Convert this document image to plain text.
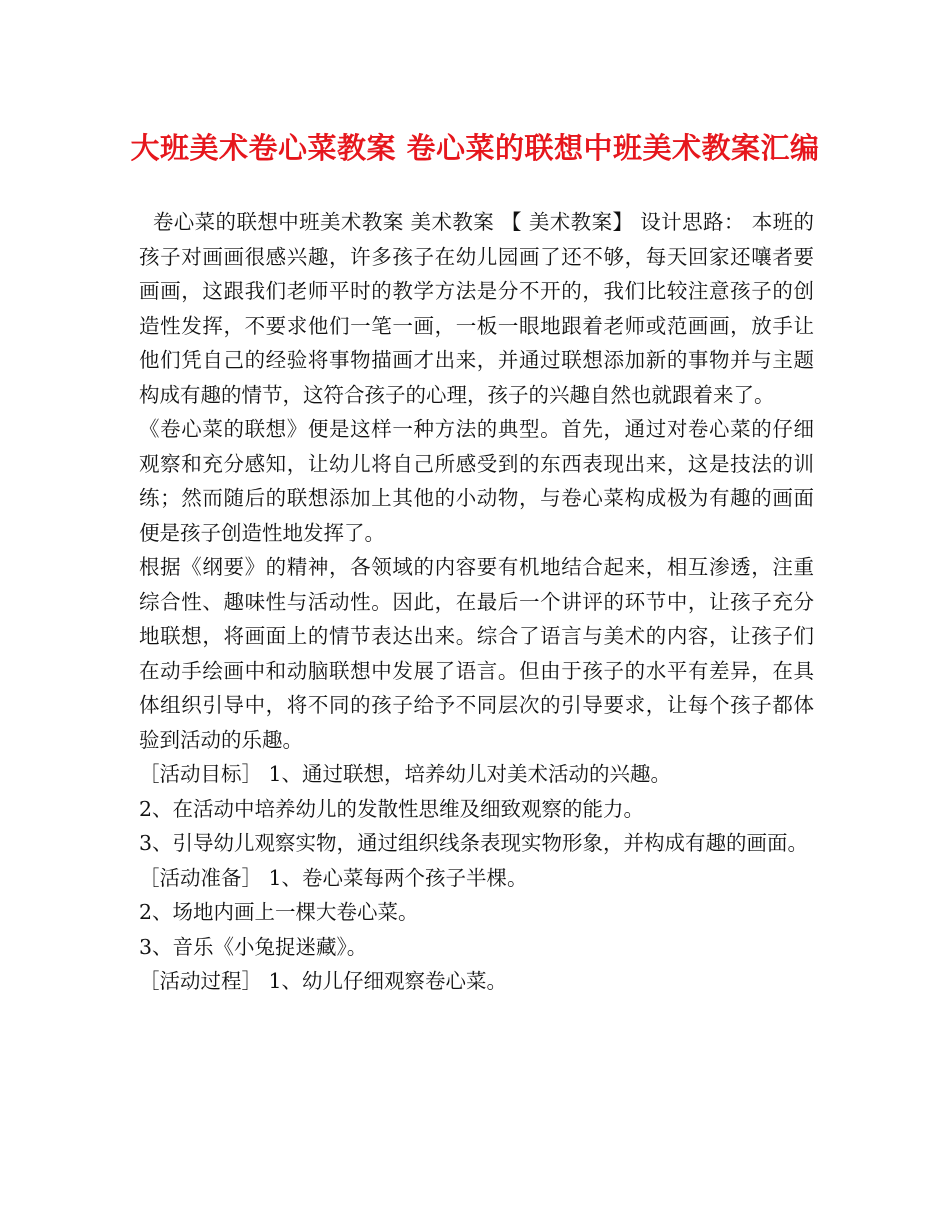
大班美术卷心菜教案 卷心菜的联想中班美术教案汇编

卷心菜的联想中班美术教案 美术教案 【 美术教案】 设计思路： 本班的孩子对画画很感兴趣，许多孩子在幼儿园画了还不够，每天回家还嚷者要画画，这跟我们老师平时的教学方法是分不开的，我们比较注意孩子的创造性发挥，不要求他们一笔一画，一板一眼地跟着老师或范画画，放手让他们凭自己的经验将事物描画才出来，并通过联想添加新的事物并与主题构成有趣的情节，这符合孩子的心理，孩子的兴趣自然也就跟着来了。

《卷心菜的联想》便是这样一种方法的典型。首先，通过对卷心菜的仔细观察和充分感知，让幼儿将自己所感受到的东西表现出来，这是技法的训练；然而随后的联想添加上其他的小动物，与卷心菜构成极为有趣的画面便是孩子创造性地发挥了。

根据《纲要》的精神，各领域的内容要有机地结合起来，相互渗透，注重综合性、趣味性与活动性。因此，在最后一个讲评的环节中，让孩子充分地联想，将画面上的情节表达出来。综合了语言与美术的内容，让孩子们在动手绘画中和动脑联想中发展了语言。但由于孩子的水平有差异，在具体组织引导中，将不同的孩子给予不同层次的引导要求，让每个孩子都体验到活动的乐趣。

［活动目标］ 1、通过联想，培养幼儿对美术活动的兴趣。

2、在活动中培养幼儿的发散性思维及细致观察的能力。

3、引导幼儿观察实物，通过组织线条表现实物形象，并构成有趣的画面。

［活动准备］ 1、卷心菜每两个孩子半棵。

2、场地内画上一棵大卷心菜。

3、音乐《小兔捉迷藏》。

［活动过程］ 1、幼儿仔细观察卷心菜。
